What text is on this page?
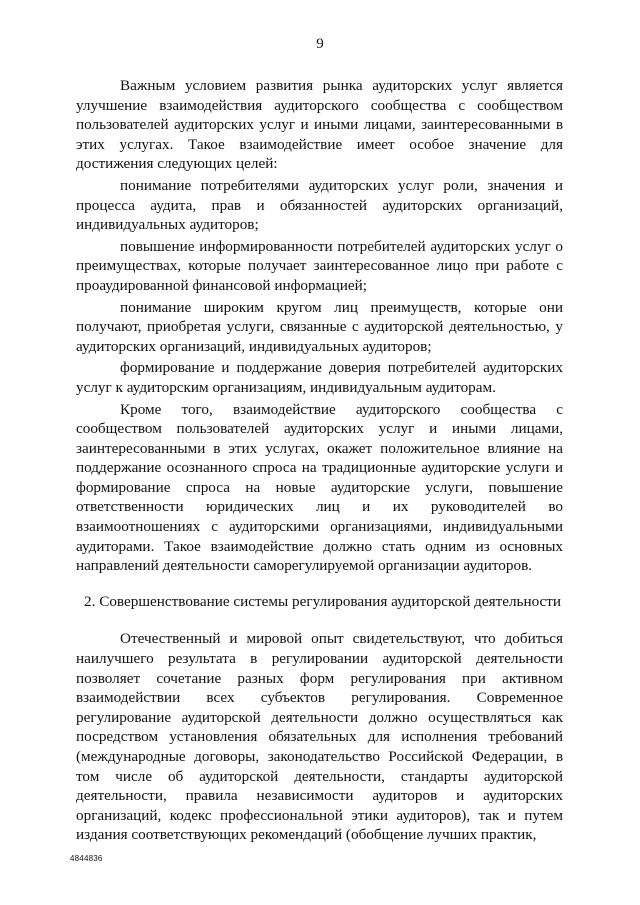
9

Важным условием развития рынка аудиторских услуг является улучшение взаимодействия аудиторского сообщества с сообществом пользователей аудиторских услуг и иными лицами, заинтересованными в этих услугах. Такое взаимодействие имеет особое значение для достижения следующих целей:

понимание потребителями аудиторских услуг роли, значения и процесса аудита, прав и обязанностей аудиторских организаций, индивидуальных аудиторов;

повышение информированности потребителей аудиторских услуг о преимуществах, которые получает заинтересованное лицо при работе с проаудированной финансовой информацией;

понимание широким кругом лиц преимуществ, которые они получают, приобретая услуги, связанные с аудиторской деятельностью, у аудиторских организаций, индивидуальных аудиторов;

формирование и поддержание доверия потребителей аудиторских услуг к аудиторским организациям, индивидуальным аудиторам.

Кроме того, взаимодействие аудиторского сообщества с сообществом пользователей аудиторских услуг и иными лицами, заинтересованными в этих услугах, окажет положительное влияние на поддержание осознанного спроса на традиционные аудиторские услуги и формирование спроса на новые аудиторские услуги, повышение ответственности юридических лиц и их руководителей во взаимоотношениях с аудиторскими организациями, индивидуальными аудиторами. Такое взаимодействие должно стать одним из основных направлений деятельности саморегулируемой организации аудиторов.

2. Совершенствование системы регулирования аудиторской деятельности

Отечественный и мировой опыт свидетельствуют, что добиться наилучшего результата в регулировании аудиторской деятельности позволяет сочетание разных форм регулирования при активном взаимодействии всех субъектов регулирования. Современное регулирование аудиторской деятельности должно осуществляться как посредством установления обязательных для исполнения требований (международные договоры, законодательство Российской Федерации, в том числе об аудиторской деятельности, стандарты аудиторской деятельности, правила независимости аудиторов и аудиторских организаций, кодекс профессиональной этики аудиторов), так и путем издания соответствующих рекомендаций (обобщение лучших практик,

4844836
